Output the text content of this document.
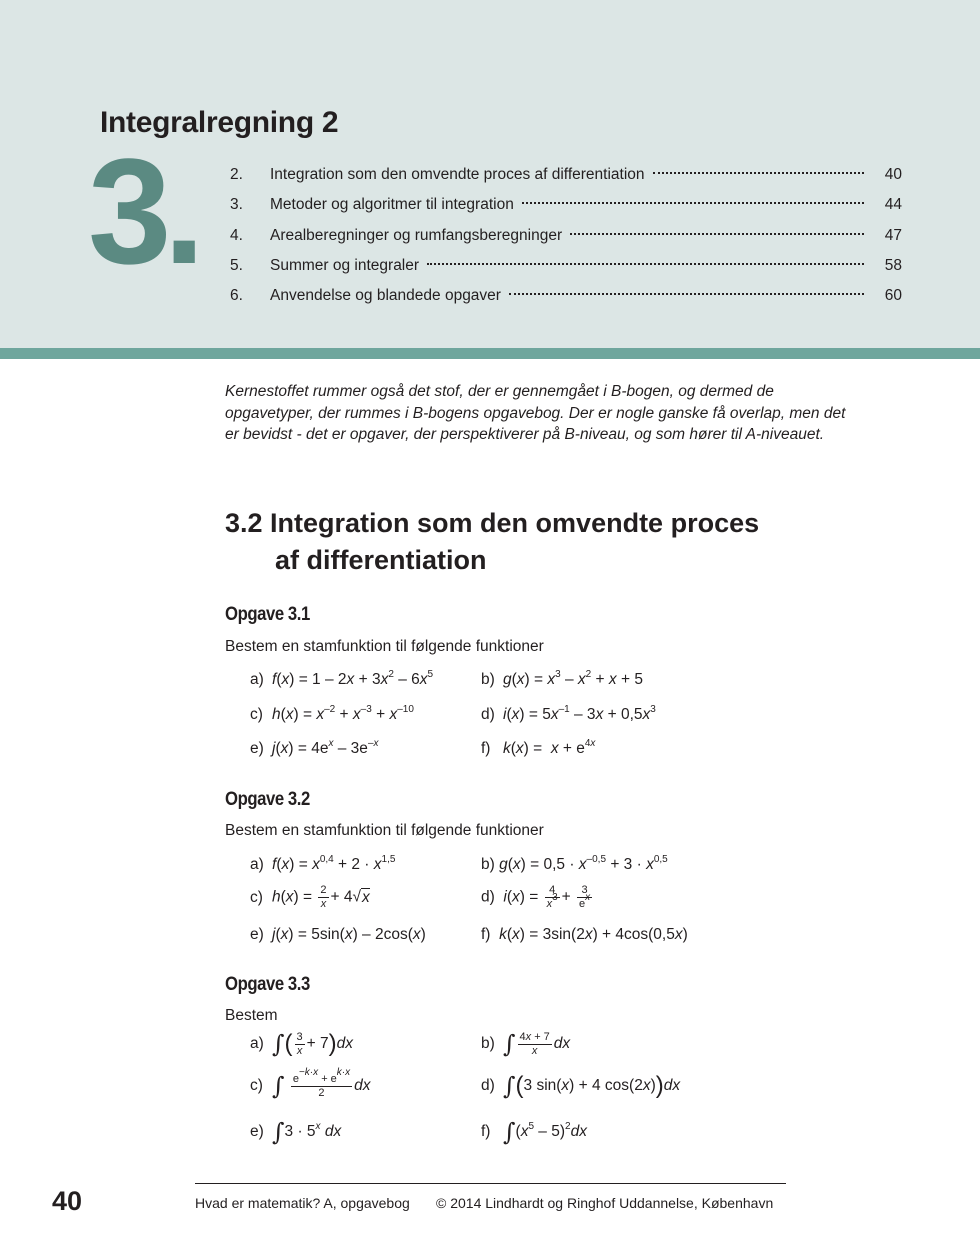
Integralregning 2
3. 2.	Integration som den omvendte proces af differentiation	40
3.	Metoder og algoritmer til integration	44
4.	Arealberegninger og rumfangsberegninger	47
5.	Summer og integraler	58
6.	Anvendelse og blandede opgaver	60
Kernestoffet rummer også det stof, der er gennemgået i B-bogen, og dermed de opgavetyper, der rummes i B-bogens opgavebog. Der er nogle ganske få overlap, men det er bevidst - det er opgaver, der perspektiverer på B-niveau, og som hører til A-niveauet.
3.2 Integration som den omvendte proces
af differentiation
Opgave 3.1
Bestem en stamfunktion til følgende funktioner
a) $f(x) = 1 - 2x + 3x^2 - 6x^5$	b) $g(x) = x^3 - x^2 + x + 5$
c) $h(x) = x^{-2} + x^{-3} + x^{-10}$	d) $i(x) = 5x^{-1} - 3x + 0,5x^3$
e) $j(x) = 4e^x - 3e^{-x}$	f) $k(x) = x + e^{4x}$
Opgave 3.2
Bestem en stamfunktion til følgende funktioner
a) $f(x) = x^{0,4} + 2 \cdot x^{1,5}$	b) $g(x) = 0,5 \cdot x^{-0,5} + 3 \cdot x^{0,5}$
c) $h(x) = \frac{2}{x} + 4√x$	d)  $i(x) = \frac{4}{x^3} + \frac{3}{e^x}$
e) j(x) = 5sin(x) – 2cos(x)	f)  k(x) = 3sin(2x) + 4cos(0,5x)
Opgave 3.3
Bestem
a) ∫( $\frac{3}{x} + 7)dx$	b) ∫ $\frac{4x + 7}{x}$ dx
c) ∫ $\frac{e^{-k\cdot x} + e^{k\cdot x}}{2}$ dx	d) ∫(3 sin(x) + 4 cos(2x))dx
e) $\int 3 \cdot 5^x$ dx	f) $\int(x^5 - 5)^2dx$
40	Hvad er matematik? A, opgavebog © 2014 Lindhardt og Ringhof Uddannelse, København
